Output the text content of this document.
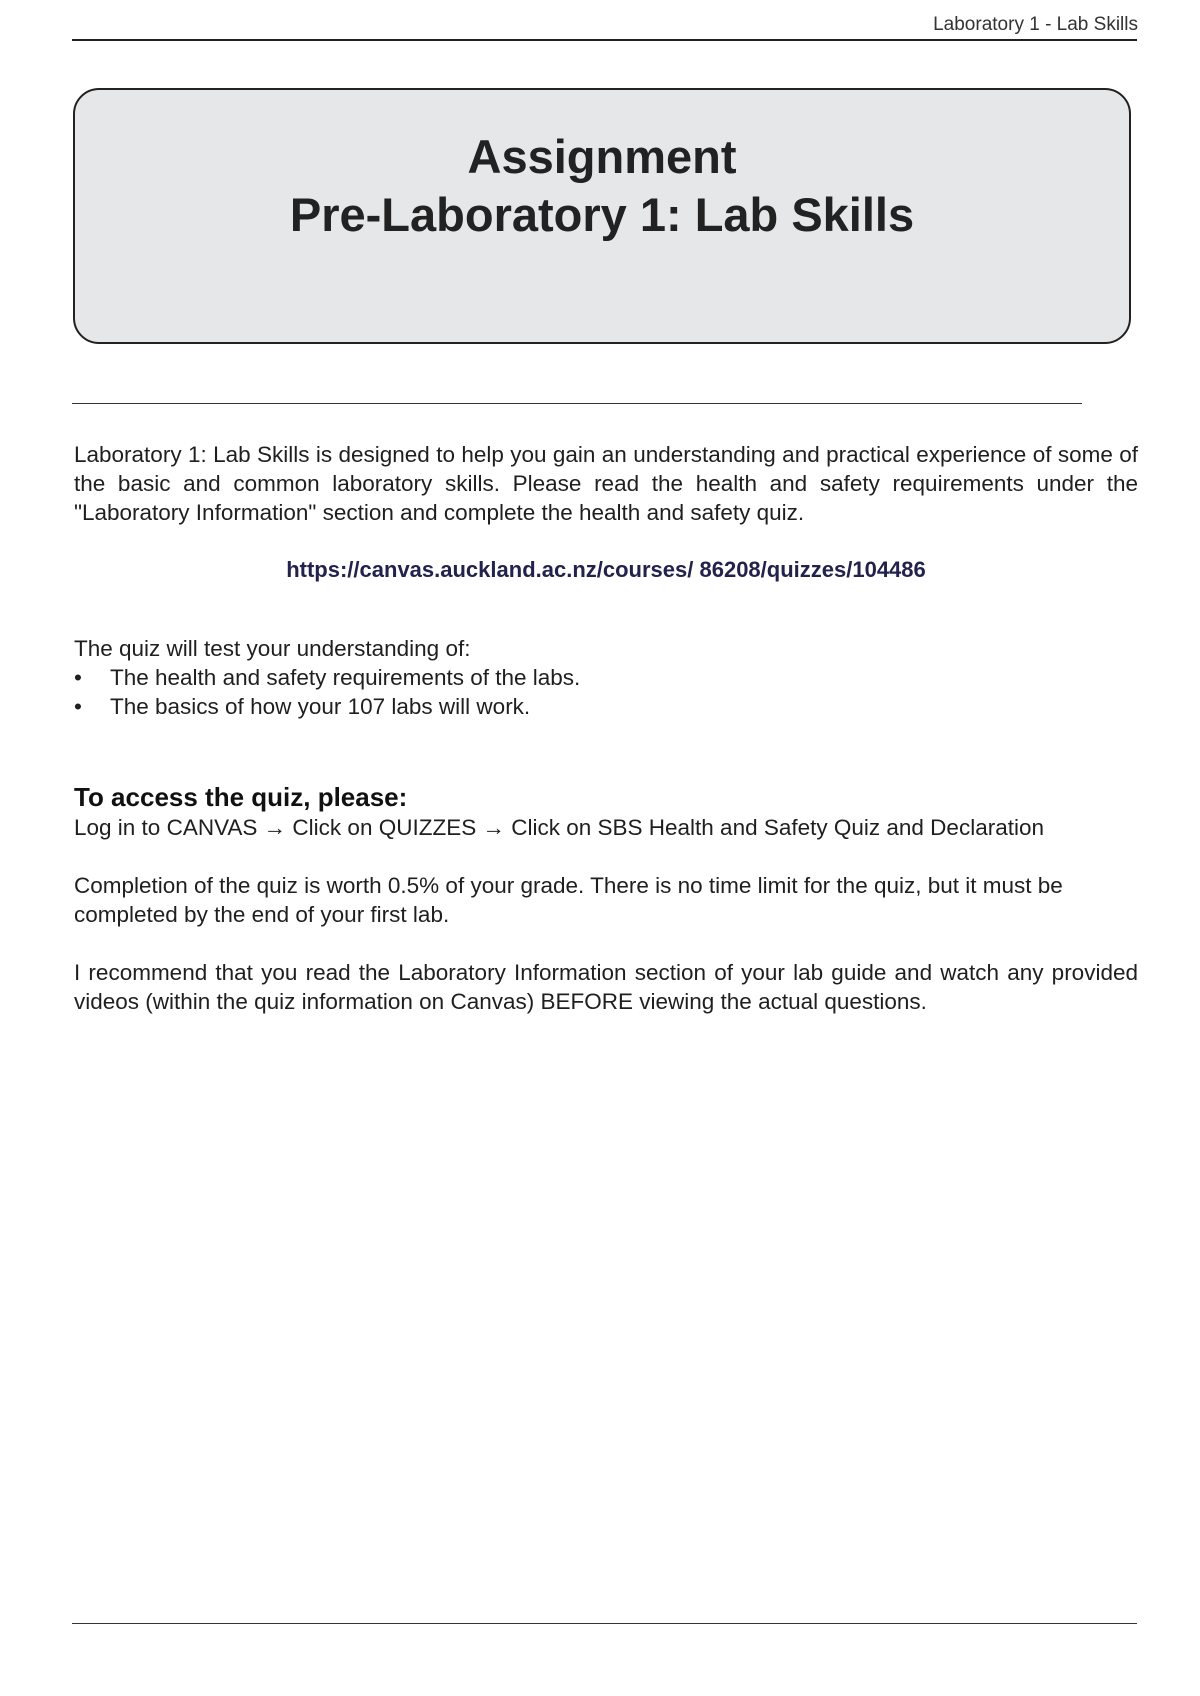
Laboratory 1 - Lab Skills
Assignment
Pre-Laboratory 1: Lab Skills

Laboratory 1: Lab Skills is designed to help you gain an understanding and practical experience of some of the basic and common laboratory skills. Please read the health and safety requirements under the "Laboratory Information" section and complete the health and safety quiz.

https://canvas.auckland.ac.nz/courses/ 86208/quizzes/104486

The quiz will test your understanding of:

• The health and safety requirements of the labs.
• The basics of how your 107 labs will work.

To access the quiz, please:

Log in to CANVAS → Click on QUIZZES → Click on SBS Health and Safety Quiz and Declaration

Completion of the quiz is worth 0.5% of your grade. There is no time limit for the quiz, but it must be completed by the end of your first lab.

I recommend that you read the Laboratory Information section of your lab guide and watch any provided videos (within the quiz information on Canvas) BEFORE viewing the actual questions.
